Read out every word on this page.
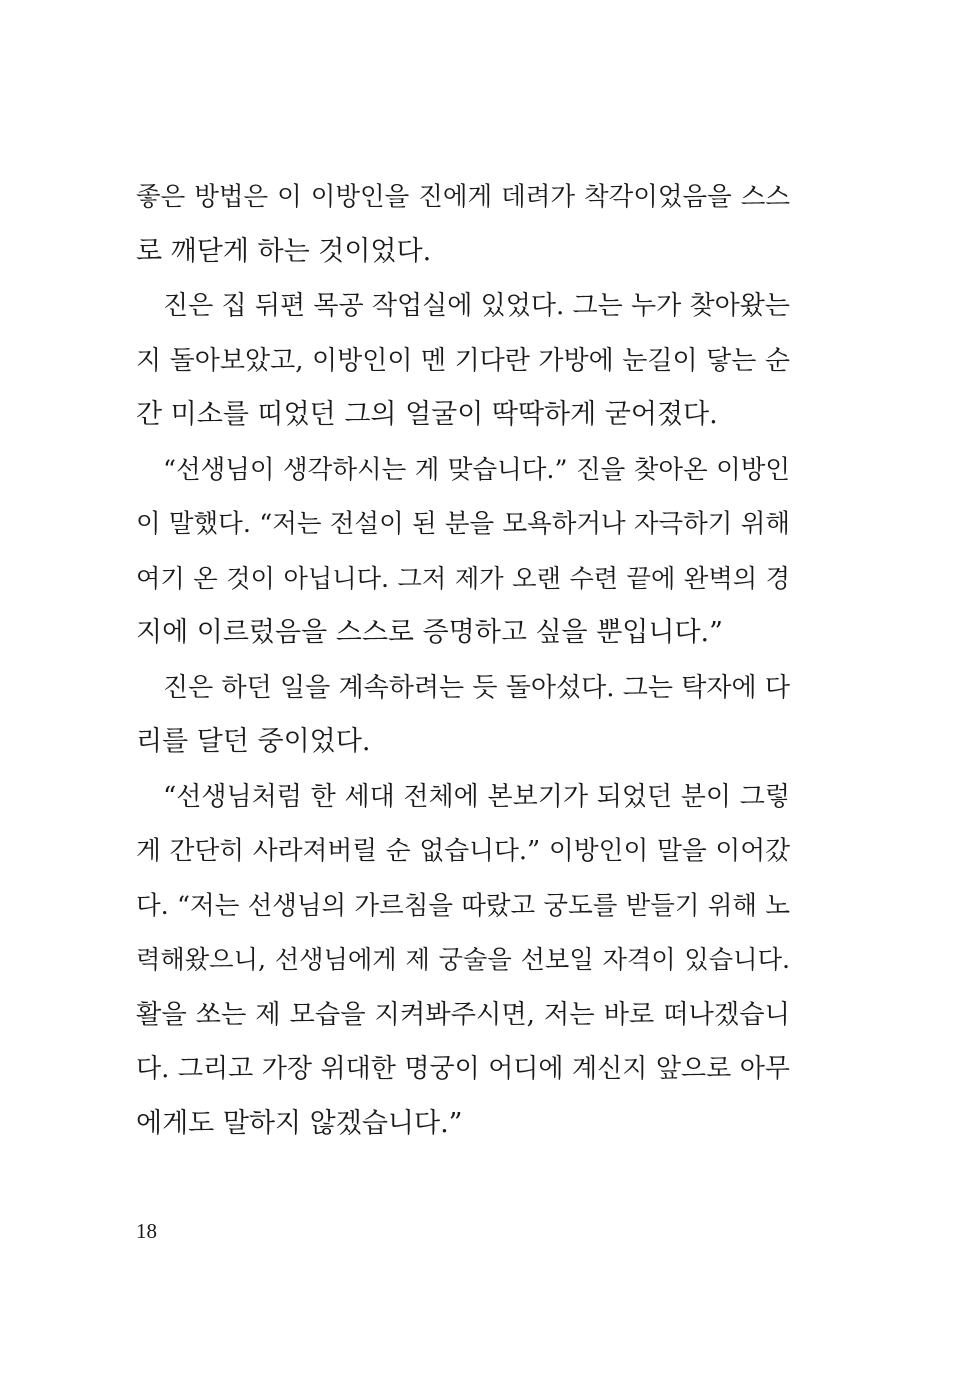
좋은 방법은 이 이방인을 진에게 데려가 착각이었음을 스스
로 깨닫게 하는 것이었다.
진은 집 뒤편 목공 작업실에 있었다. 그는 누가 찾아왔는
지 돌아보았고, 이방인이 멘 기다란 가방에 눈길이 닿는 순
간 미소를 띠었던 그의 얼굴이 딱딱하게 굳어졌다.
“선생님이 생각하시는 게 맞습니다.” 진을 찾아온 이방인
이 말했다. “저는 전설이 된 분을 모욕하거나 자극하기 위해
여기 온 것이 아닙니다. 그저 제가 오랜 수련 끝에 완벽의 경
지에 이르렀음을 스스로 증명하고 싶을 뿐입니다.”
진은 하던 일을 계속하려는 듯 돌아섰다. 그는 탁자에 다
리를 달던 중이었다.
“선생님처럼 한 세대 전체에 본보기가 되었던 분이 그렇
게 간단히 사라져버릴 순 없습니다.” 이방인이 말을 이어갔
다. “저는 선생님의 가르침을 따랐고 궁도를 받들기 위해 노
력해왔으니, 선생님에게 제 궁술을 선보일 자격이 있습니다.
활을 쏘는 제 모습을 지켜봐주시면, 저는 바로 떠나겠습니
다. 그리고 가장 위대한 명궁이 어디에 계신지 앞으로 아무
에게도 말하지 않겠습니다.”
18
